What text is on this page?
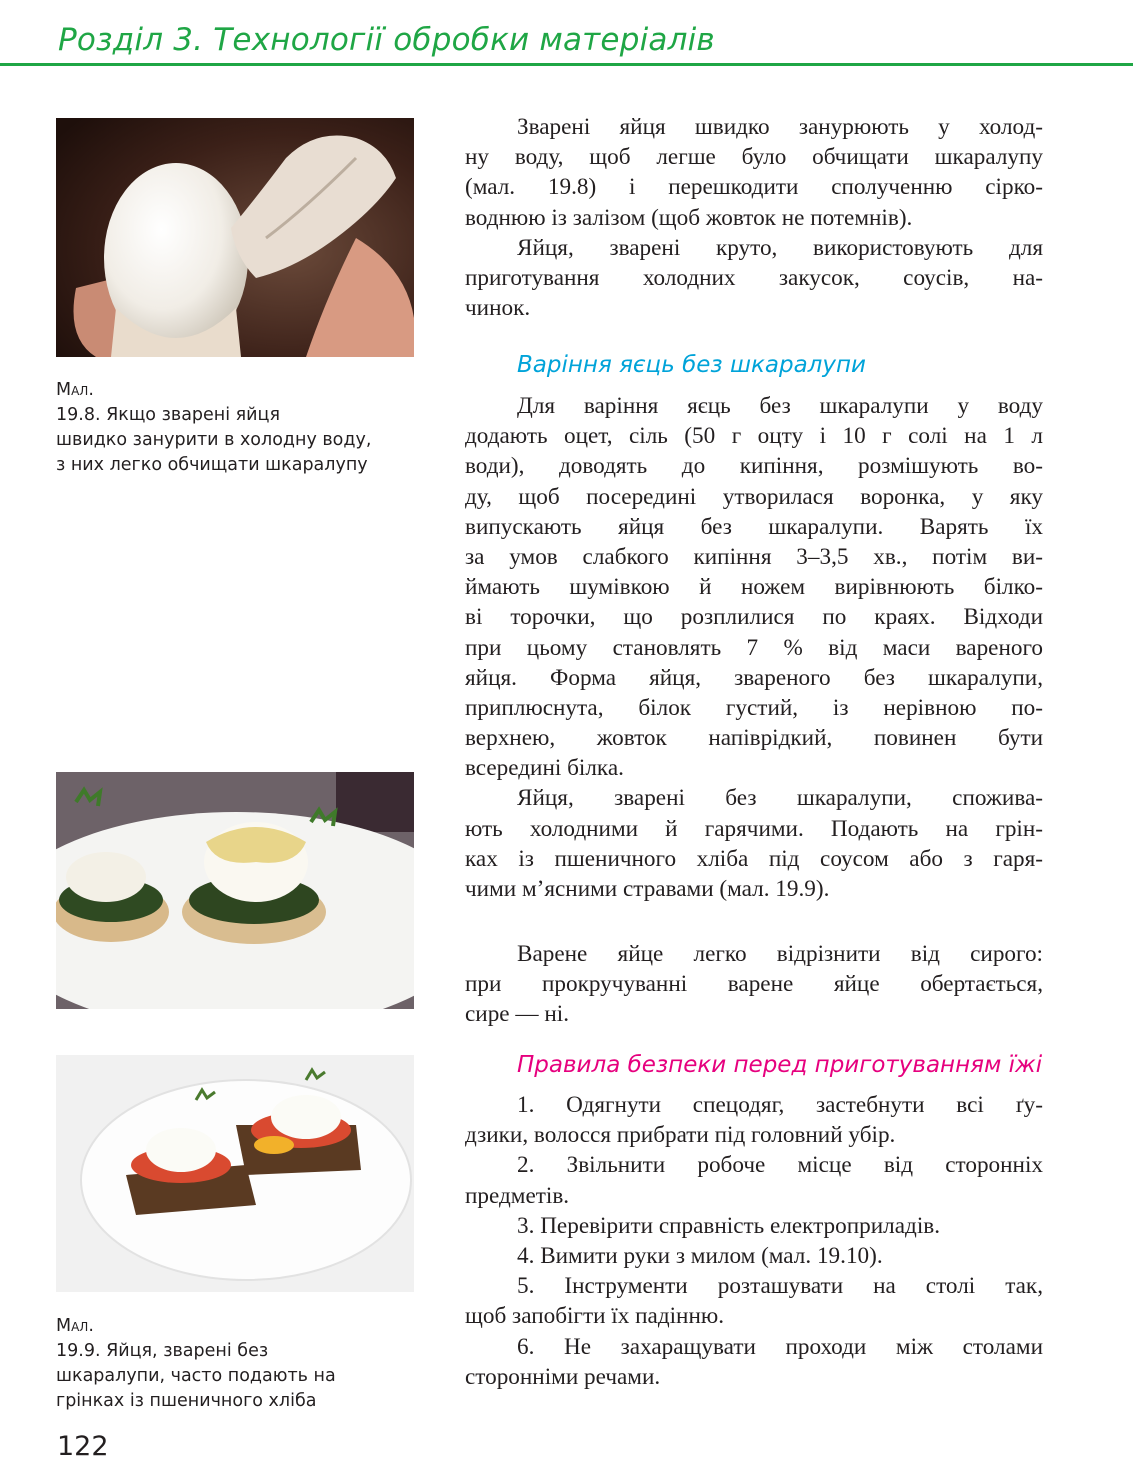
Розділ 3. Технології обробки матеріалів
Мал.
19.8. Якщо зварені яйця
швидко занурити в холодну воду,
з них легко обчищати шкаралупу
Мал.
19.9. Яйця, зварені без
шкаралупи, часто подають на
грінках із пшеничного хліба
Зварені яйця швидко занурюють у холод-
ну воду, щоб легше було обчищати шкаралупу
(мал. 19.8) і перешкодити сполученню сірко-
воднюю із залізом (щоб жовток не потемнів).
Яйця, зварені круто, використовують для
приготування холодних закусок, соусів, на-
чинок.
Варіння яєць без шкаралупи
Для варіння яєць без шкаралупи у воду
додають оцет, сіль (50 г оцту і 10 г солі на 1 л
води), доводять до кипіння, розмішують во-
ду, щоб посередині утворилася воронка, у яку
випускають яйця без шкаралупи. Варять їх
за умов слабкого кипіння 3–3,5 хв., потім ви-
ймають шумівкою й ножем вирівнюють білко-
ві торочки, що розплилися по краях. Відходи
при цьому становлять 7 % від маси вареного
яйця. Форма яйця, звареного без шкаралупи,
приплюснута, білок густий, із нерівною по-
верхнею, жовток напіврідкий, повинен бути
всередині білка.
Яйця, зварені без шкаралупи, спожива-
ють холодними й гарячими. Подають на грін-
ках із пшеничного хліба під соусом або з гаря-
чими м’ясними стравами (мал. 19.9).
Варене яйце легко відрізнити від сирого:
при прокручуванні варене яйце обертається,
сире — ні.
Правила безпеки перед приготуванням їжі
1. Одягнути спецодяг, застебнути всі ґу-
дзики, волосся прибрати під головний убір.
2. Звільнити робоче місце від сторонніх
предметів.
3. Перевірити справність електроприладів.
4. Вимити руки з милом (мал. 19.10).
5. Інструменти розташувати на столі так,
щоб запобігти їх падінню.
6. Не захаращувати проходи між столами
сторонніми речами.
122
